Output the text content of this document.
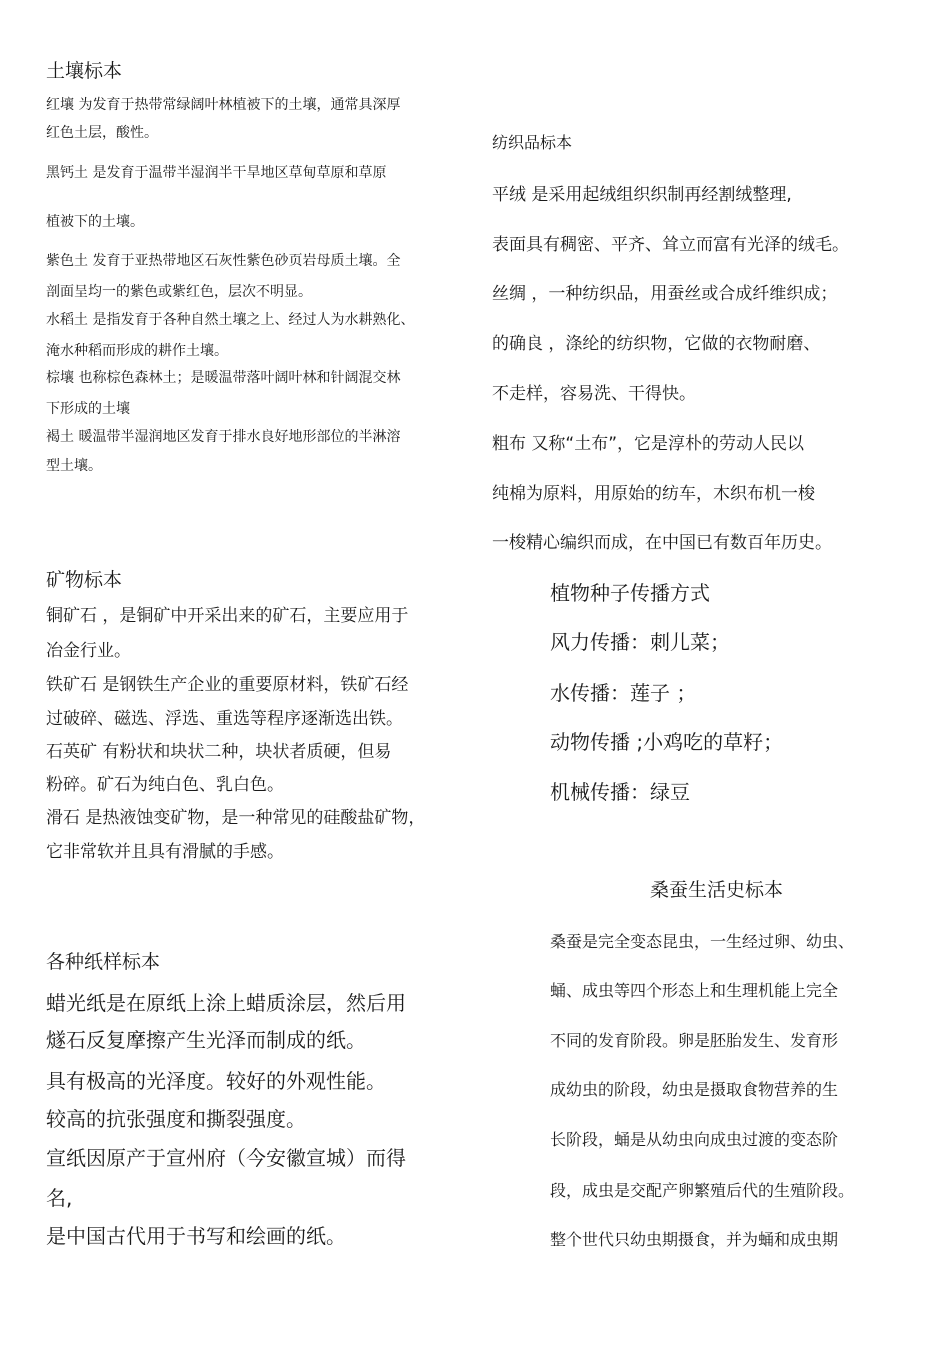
土壤标本
红壤 为发育于热带常绿阔叶林植被下的土壤，通常具深厚
红色土层，酸性。
黑钙土 是发育于温带半湿润半干旱地区草甸草原和草原
植被下的土壤。
紫色土 发育于亚热带地区石灰性紫色砂页岩母质土壤。全
剖面呈均一的紫色或紫红色，层次不明显。
水稻土 是指发育于各种自然土壤之上、经过人为水耕熟化、
淹水种稻而形成的耕作土壤。
棕壤 也称棕色森林土；是暖温带落叶阔叶林和针阔混交林
下形成的土壤
褐土 暖温带半湿润地区发育于排水良好地形部位的半淋溶
型土壤。
纺织品标本
平绒 是采用起绒组织织制再经割绒整理,
表面具有稠密、平齐、耸立而富有光泽的绒毛。
丝绸 ，一种纺织品，用蚕丝或合成纤维织成；
的确良 ，涤纶的纺织物，它做的衣物耐磨、
不走样，容易洗、干得快。
粗布 又称“土布”，它是淳朴的劳动人民以
纯棉为原料，用原始的纺车，木织布机一梭
一梭精心编织而成，在中国已有数百年历史。
矿物标本
铜矿石 ，是铜矿中开采出来的矿石，主要应用于
冶金行业。
铁矿石 是钢铁生产企业的重要原材料，铁矿石经
过破碎、磁选、浮选、重选等程序逐渐选出铁。
石英矿 有粉状和块状二种，块状者质硬，但易
粉碎。矿石为纯白色、乳白色。
滑石 是热液蚀变矿物，是一种常见的硅酸盐矿物，
它非常软并且具有滑腻的手感。
植物种子传播方式
风力传播：刺儿菜；
水传播：莲子 ；
动物传播 ;小鸡吃的草籽；
机械传播：绿豆
桑蚕生活史标本
桑蚕是完全变态昆虫，一生经过卵、幼虫、
蛹、成虫等四个形态上和生理机能上完全
不同的发育阶段。卵是胚胎发生、发育形
成幼虫的阶段，幼虫是摄取食物营养的生
长阶段，蛹是从幼虫向成虫过渡的变态阶
段，成虫是交配产卵繁殖后代的生殖阶段。
整个世代只幼虫期摄食，并为蛹和成虫期
各种纸样标本
蜡光纸是在原纸上涂上蜡质涂层，然后用
燧石反复摩擦产生光泽而制成的纸。
具有极高的光泽度。较好的外观性能。
较高的抗张强度和撕裂强度。
宣纸因原产于宣州府（今安徽宣城）而得
名,
是中国古代用于书写和绘画的纸。
